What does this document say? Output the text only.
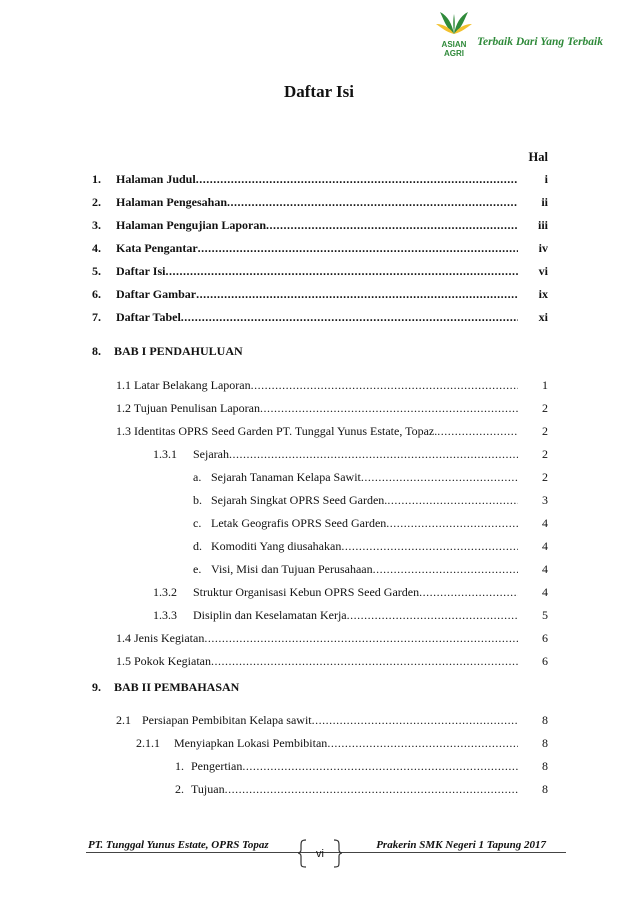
ASIAN
AGRI
Terbaik Dari Yang Terbaik
Daftar Isi
Hal
1.	Halaman Judul .....	i
2.	Halaman Pengesahan .....	ii
3.	Halaman Pengujian Laporan .....	iii
4.	Kata Pengantar .....	iv
5.	Daftar Isi .....	vi
6.	Daftar Gambar .....	ix
7.	Daftar Tabel .....	xi
8. BAB I PENDAHULUAN
1.1 Latar Belakang Laporan .....	1
1.2 Tujuan Penulisan Laporan .....	2
1.3 Identitas OPRS Seed Garden PT. Tunggal Yunus Estate, Topaz. .....	2
1.3.1	Sejarah .....	2
a. Sejarah Tanaman Kelapa Sawit .....	2
b. Sejarah Singkat OPRS Seed Garden. .....	3
c. Letak Geografis OPRS Seed Garden .....	4
d. Komoditi Yang diusahakan .....	4
e. Visi, Misi dan Tujuan Perusahaan .....	4
1.3.2	Struktur Organisasi Kebun OPRS Seed Garden .....	4
1.3.3	Disiplin dan Keselamatan Kerja .....	5
1.4 Jenis Kegiatan .....	6
1.5 Pokok Kegiatan .....	6
9. BAB II PEMBAHASAN
2.1 Persiapan Pembibitan Kelapa sawit .....	8
2.1.1	Menyiapkan Lokasi Pembibitan .....	8
1. Pengertian .....	8
2. Tujuan .....	8
PT. Tunggal Yunus Estate, OPRS Topaz	Prakerin SMK Negeri 1 Tapung 2017
vi
